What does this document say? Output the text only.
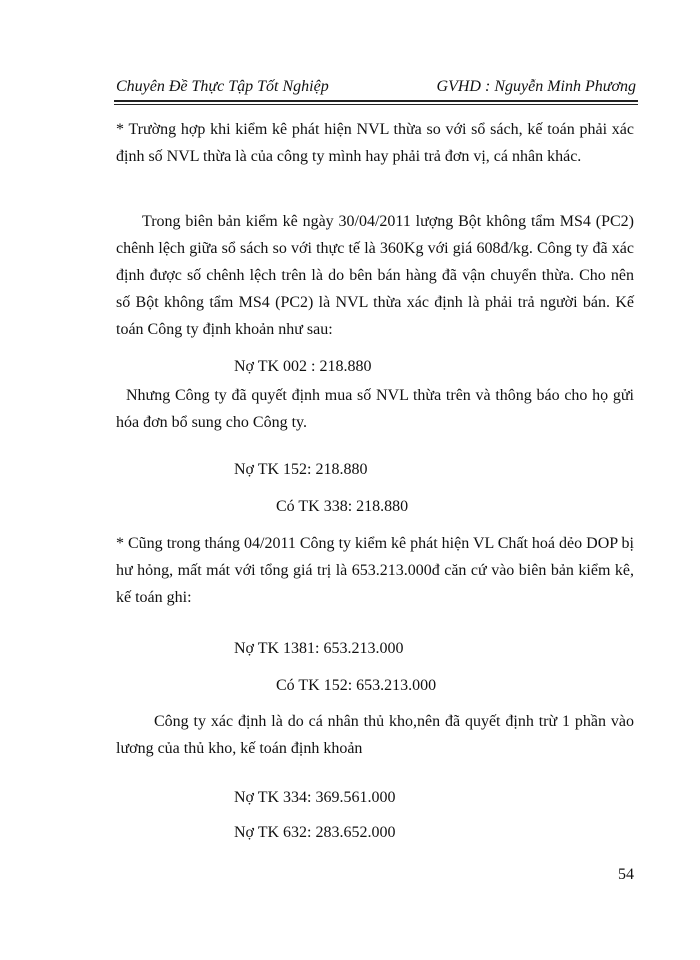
Chuyên Đề Thực Tập Tốt Nghiệp	GVHD : Nguyễn Minh Phương

* Trường hợp khi kiểm kê phát hiện NVL thừa so với sổ sách, kế toán phải xác định số NVL thừa là của công ty mình hay phải trả đơn vị, cá nhân khác.

Trong biên bản kiểm kê ngày 30/04/2011 lượng Bột không tẩm MS4 (PC2) chênh lệch giữa sổ sách so với thực tế là 360Kg với giá 608đ/kg. Công ty đã xác định được số chênh lệch trên là do bên bán hàng đã vận chuyển thừa. Cho nên số Bột không tẩm MS4 (PC2) là NVL thừa xác định là phải trả người bán. Kế toán Công ty định khoản như sau:

Nợ TK 002 : 218.880

Nhưng Công ty đã quyết định mua số NVL thừa trên và thông báo cho họ gửi hóa đơn bổ sung cho Công ty.

Nợ TK 152: 218.880

Có TK 338: 218.880

* Cũng trong tháng 04/2011 Công ty kiểm kê phát hiện VL Chất hoá dẻo DOP bị hư hỏng, mất mát với tổng giá trị là 653.213.000đ căn cứ vào biên bản kiểm kê, kế toán ghi:

Nợ TK 1381: 653.213.000

Có TK 152: 653.213.000

Công ty xác định là do cá nhân thủ kho,nên đã quyết định trừ 1 phần vào lương của thủ kho, kế toán định khoản

Nợ TK 334: 369.561.000

Nợ TK 632: 283.652.000

54
